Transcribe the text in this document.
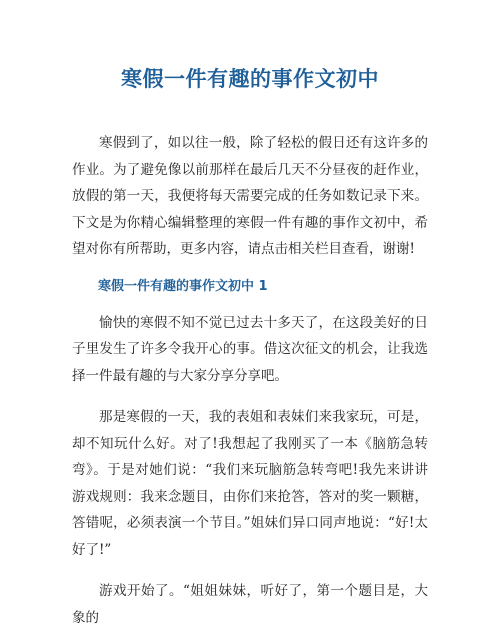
寒假一件有趣的事作文初中

寒假到了，如以往一般，除了轻松的假日还有这许多的作业。为了避免像以前那样在最后几天不分昼夜的赶作业，放假的第一天，我便将每天需要完成的任务如数记录下来。下文是为你精心编辑整理的寒假一件有趣的事作文初中，希望对你有所帮助，更多内容，请点击相关栏目查看，谢谢!

寒假一件有趣的事作文初中 1

愉快的寒假不知不觉已过去十多天了，在这段美好的日子里发生了许多令我开心的事。借这次征文的机会，让我选择一件最有趣的与大家分享分享吧。

那是寒假的一天，我的表姐和表妹们来我家玩，可是，却不知玩什么好。对了!我想起了我刚买了一本《脑筋急转弯》。于是对她们说：“我们来玩脑筋急转弯吧!我先来讲讲游戏规则：我来念题目，由你们来抢答，答对的奖一颗糖，答错呢，必须表演一个节目。”姐妹们异口同声地说：“好!太好了!”

游戏开始了。“姐姐妹妹，听好了，第一个题目是，大象的
